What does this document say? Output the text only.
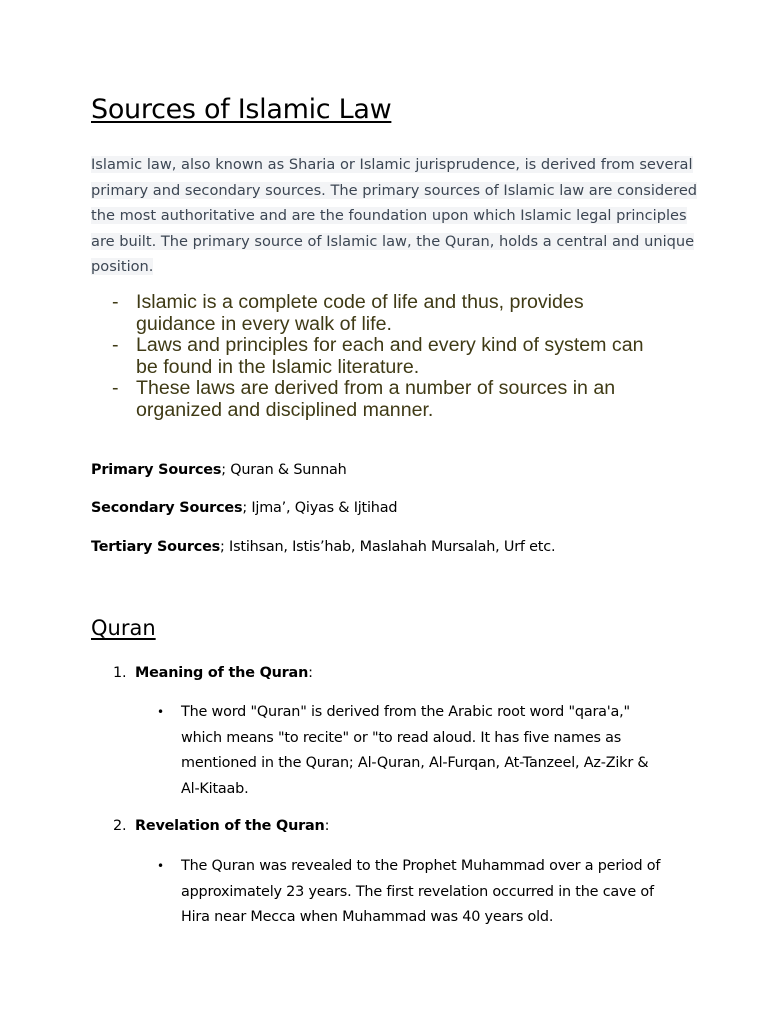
Sources of Islamic Law
Islamic law, also known as Sharia or Islamic jurisprudence, is derived from several
primary and secondary sources. The primary sources of Islamic law are considered
the most authoritative and are the foundation upon which Islamic legal principles
are built. The primary source of Islamic law, the Quran, holds a central and unique
position.
- Islamic is a complete code of life and thus, provides
guidance in every walk of life.
- Laws and principles for each and every kind of system can
be found in the Islamic literature.
- These laws are derived from a number of sources in an
organized and disciplined manner.
Primary Sources; Quran & Sunnah
Secondary Sources; Ijma’, Qiyas & Ijtihad
Tertiary Sources; Istihsan, Istis’hab, Maslahah Mursalah, Urf etc.
Quran
1. Meaning of the Quran:
• The word "Quran" is derived from the Arabic root word "qara'a,"
which means "to recite" or "to read aloud. It has five names as
mentioned in the Quran; Al-Quran, Al-Furqan, At-Tanzeel, Az-Zikr &
Al-Kitaab.
2. Revelation of the Quran:
• The Quran was revealed to the Prophet Muhammad over a period of
approximately 23 years. The first revelation occurred in the cave of
Hira near Mecca when Muhammad was 40 years old.
